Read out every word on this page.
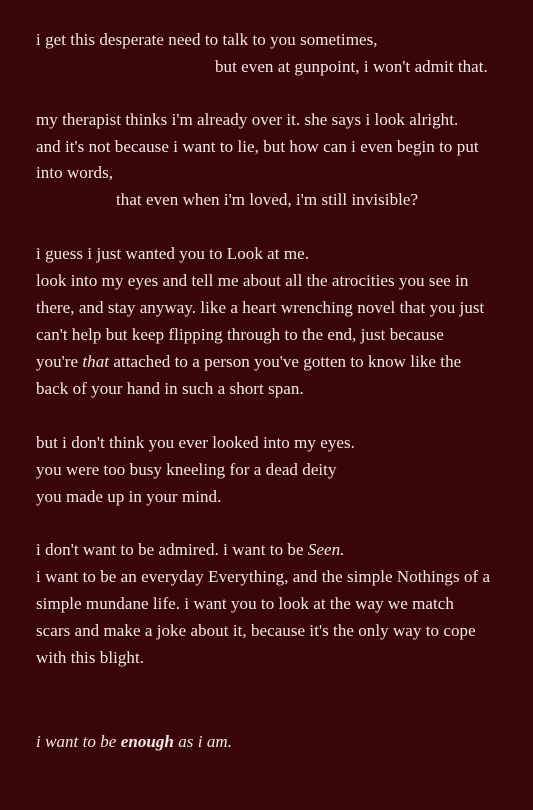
i get this desperate need to talk to you sometimes,
but even at gunpoint, i won't admit that.
my therapist thinks i'm already over it. she says i look alright.
and it's not because i want to lie, but how can i even begin to put
into words,
that even when i'm loved, i'm still invisible?
i guess i just wanted you to Look at me.
look into my eyes and tell me about all the atrocities you see in
there, and stay anyway. like a heart wrenching novel that you just
can't help but keep flipping through to the end, just because
you're that attached to a person you've gotten to know like the
back of your hand in such a short span.
but i don't think you ever looked into my eyes.
you were too busy kneeling for a dead deity
you made up in your mind.
i don't want to be admired. i want to be Seen.
i want to be an everyday Everything, and the simple Nothings of a
simple mundane life. i want you to look at the way we match
scars and make a joke about it, because it's the only way to cope
with this blight.
i want to be enough as i am.
